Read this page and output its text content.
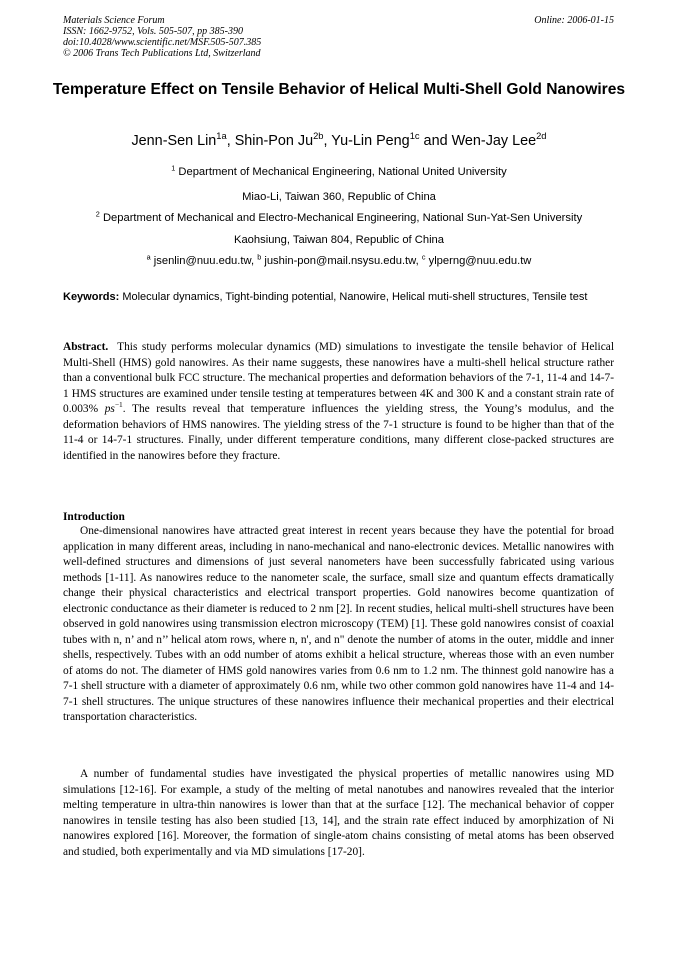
Materials Science Forum
ISSN: 1662-9752, Vols. 505-507, pp 385-390
doi:10.4028/www.scientific.net/MSF.505-507.385
© 2006 Trans Tech Publications Ltd, Switzerland
Online: 2006-01-15
Temperature Effect on Tensile Behavior of Helical Multi-Shell Gold Nanowires
Jenn-Sen Lin$^{1a}$, Shin-Pon $Ju^{2b}$, Yu-Lin Peng$^{1c}$ and Wen-Jay Lee$^{2d}$
$^1$ Department of Mechanical Engineering, National United University
Miao-Li, Taiwan 360, Republic of China
$^2$ Department of Mechanical and Electro-Mechanical Engineering, National Sun-Yat-Sen University
Kaohsiung, Taiwan 804, Republic of China
$^a$ jsenlin@nuu.edu.tw, $^b$ jushin-pon@mail.nsysu.edu.tw, $^c$ ylperng@nuu.edu.tw
Keywords: Molecular dynamics, Tight-binding potential, Nanowire, Helical muti-shell structures, Tensile test
Abstract. This study performs molecular dynamics (MD) simulations to investigate the tensile behavior of Helical Multi-Shell (HMS) gold nanowires. As their name suggests, these nanowires have a multi-shell helical structure rather than a conventional bulk FCC structure. The mechanical properties and deformation behaviors of the 7-1, 11-4 and 14-7-1 HMS structures are examined under tensile testing at temperatures between 4K and 300 K and a constant strain rate of 0.003% $ps^{-1}$. The results reveal that temperature influences the yielding stress, the Young’s modulus, and the deformation behaviors of HMS nanowires. The yielding stress of the 7-1 structure is found to be higher than that of the 11-4 or 14-7-1 structures. Finally, under different temperature conditions, many different close-packed structures are identified in the nanowires before they fracture.
Introduction
One-dimensional nanowires have attracted great interest in recent years because they have the potential for broad application in many different areas, including in nano-mechanical and nano-electronic devices. Metallic nanowires with well-defined structures and dimensions of just several nanometers have been successfully fabricated using various methods [1-11]. As nanowires reduce to the nanometer scale, the surface, small size and quantum effects dramatically change their physical characteristics and electrical transport properties. Gold nanowires become quantization of electronic conductance as their diameter is reduced to 2 nm [2]. In recent studies, helical multi-shell structures have been observed in gold nanowires using transmission electron microscopy (TEM) [1]. These gold nanowires consist of coaxial tubes with n, n’ and n’’ helical atom rows, where n, n', and n" denote the number of atoms in the outer, middle and inner shells, respectively. Tubes with an odd number of atoms exhibit a helical structure, whereas those with an even number of atoms do not. The diameter of HMS gold nanowires varies from 0.6 nm to 1.2 nm. The thinnest gold nanowire has a 7-1 shell structure with a diameter of approximately 0.6 nm, while two other common gold nanowires have 11-4 and 14-7-1 shell structures. The unique structures of these nanowires influence their mechanical properties and their electrical transportation characteristics.
A number of fundamental studies have investigated the physical properties of metallic nanowires using MD simulations [12-16]. For example, a study of the melting of metal nanotubes and nanowires revealed that the interior melting temperature in ultra-thin nanowires is lower than that at the surface [12]. The mechanical behavior of copper nanowires in tensile testing has also been studied [13, 14], and the strain rate effect induced by amorphization of Ni nanowires explored [16]. Moreover, the formation of single-atom chains consisting of metal atoms has been observed and studied, both experimentally and via MD simulations [17-20].
